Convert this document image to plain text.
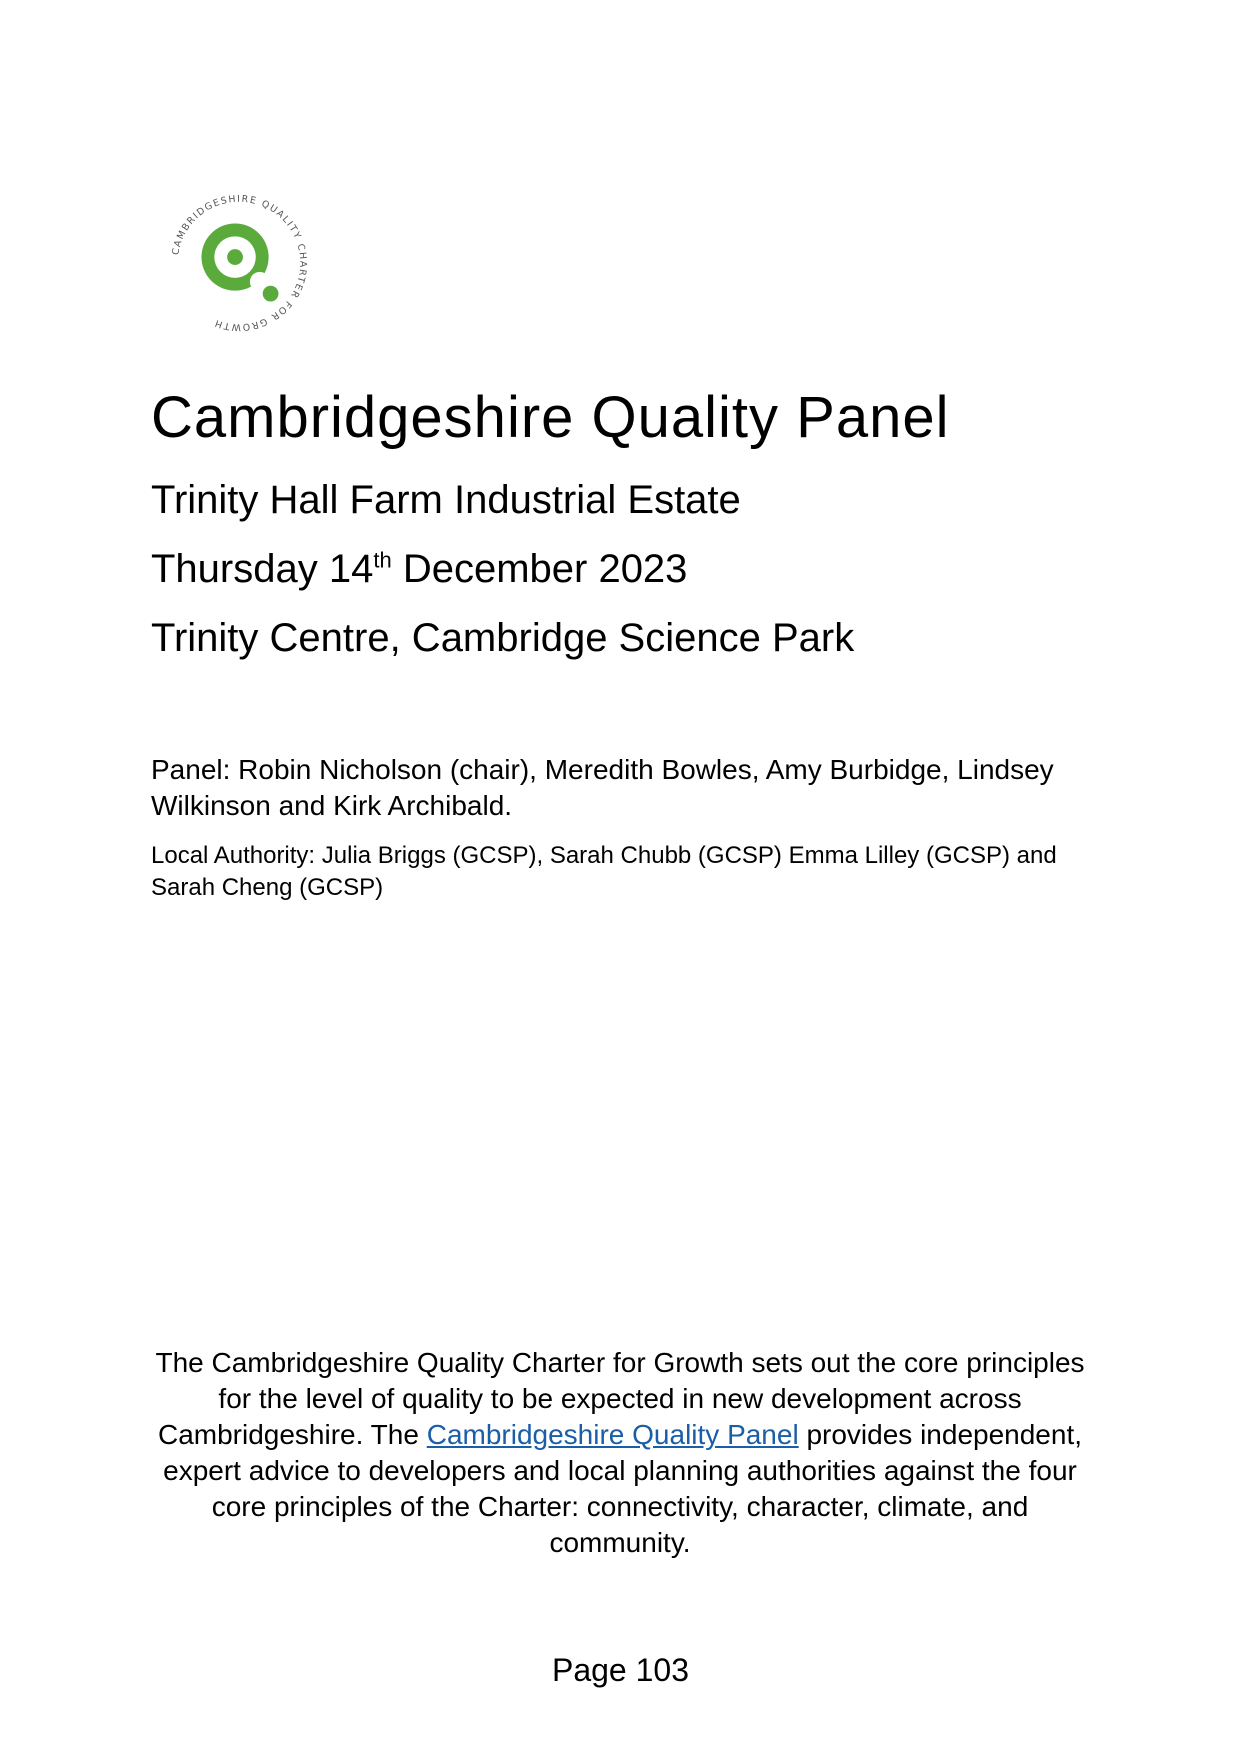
CAMBRIDGESHIRE QUALITY CHARTER FOR GROWTH
Cambridgeshire Quality Panel

Trinity Hall Farm Industrial Estate

Thursday 14th December 2023

Trinity Centre, Cambridge Science Park

Panel: Robin Nicholson (chair), Meredith Bowles, Amy Burbidge, Lindsey Wilkinson and Kirk Archibald.

Local Authority: Julia Briggs (GCSP), Sarah Chubb (GCSP) Emma Lilley (GCSP) and Sarah Cheng (GCSP)

The Cambridgeshire Quality Charter for Growth sets out the core principles for the level of quality to be expected in new development across Cambridgeshire. The Cambridgeshire Quality Panel provides independent, expert advice to developers and local planning authorities against the four core principles of the Charter: connectivity, character, climate, and community.

Page 103
